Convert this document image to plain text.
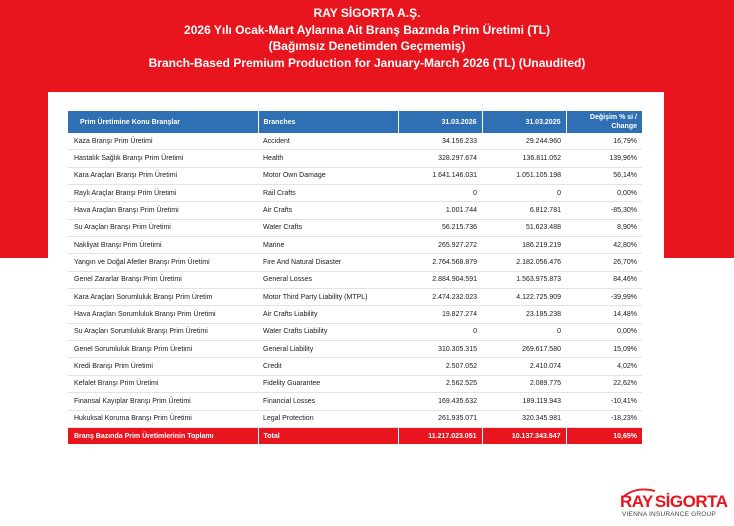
RAY SİGORTA A.Ş.
2026 Yılı Ocak-Mart Aylarına Ait Branş Bazında Prim Üretimi (TL)
(Bağımsız Denetimden Geçmemiş)
Branch-Based Premium Production for January-March 2026 (TL) (Unaudited)
Prim Üretimine Konu Branşlar	Branches	31.03.2026	31.03.2025	Değişim % si / Change
Kaza Branşı Prim Üretimi	Accident	34.156.233	29.244.960	16,79%
Hastalık Sağlık Branşı Prim Üretimi	Health	328.297.674	136.811.052	139,96%
Kara Araçları Branşı Prim Üretimi	Motor Own Damage	1.641.146.031	1.051.105.198	56,14%
Raylı Araçlar Branşı Prim Üretimi	Rail Crafts	0	0	0,00%
Hava Araçları Branşı Prim Üretimi	Air Crafts	1.001.744	6.812.781	-85,30%
Su Araçları Branşı Prim Üretimi	Water Crafts	56.215.736	51.623.488	8,90%
Nakliyat Branşı Prim Üretimi	Marine	265.927.272	186.219.219	42,80%
Yangın ve Doğal Afetler Branşı Prim Üretimi	Fire And Natural Disaster	2.764.568.879	2.182.056.476	26,70%
Genel Zararlar Branşı Prim Üretimi	General Losses	2.884.904.591	1.563.975.873	84,46%
Kara Araçları Sorumluluk Branşı Prim Üretim	Motor Third Party Liability (MTPL)	2.474.232.023	4.122.725.909	-39,99%
Hava Araçları Sorumluluk Branşı Prim Üretimi	Air Crafts Liability	19.827.274	23.185.238	14,48%
Su Araçları Sorumluluk Branşı Prim Üretimi	Water Crafts Liability	0	0	0,00%
Genel Sorumluluk Branşı Prim Üretimi	General Liability	310.305.315	269.617.580	15,09%
Kredi Branşı Prim Üretimi	Credit	2.507.052	2.410.074	4,02%
Kefalet Branşı Prim Üretimi	Fidelity Guarantee	2.562.525	2.089.775	22,62%
Finansal Kayıplar Branşı Prim Üretimi	Financial Losses	169.435.632	189.119.943	-10,41%
Hukuksal Koruma Branşı Prim Üretimi	Legal Protection	261.935.071	320.345.981	-18,23%
Branş Bazında Prim Üretimlerinin Toplamı	Total	11.217.023.051	10.137.343.547	10,65%
RAY SİGORTA
VIENNA INSURANCE GROUP
